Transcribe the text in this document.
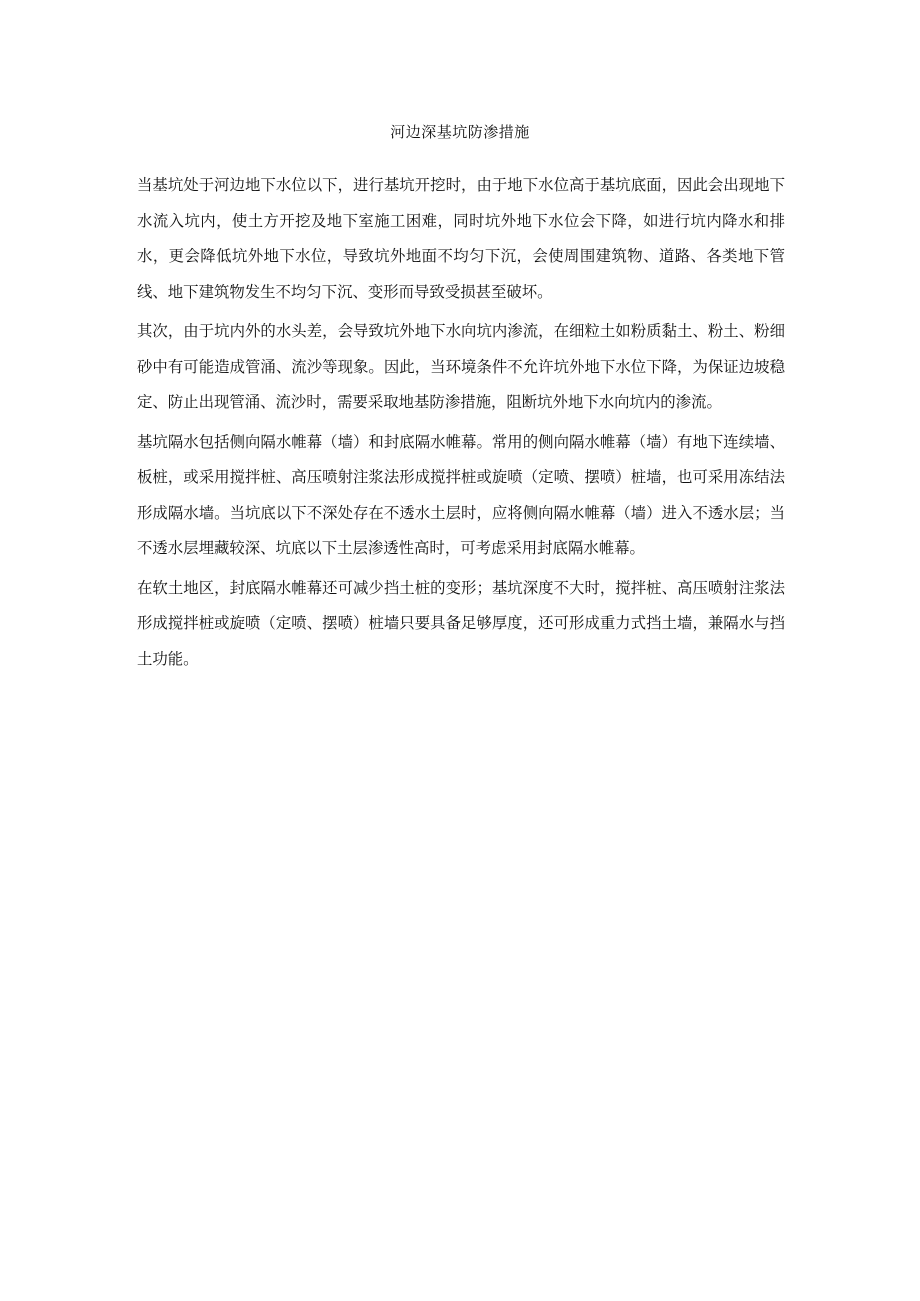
河边深基坑防渗措施

当基坑处于河边地下水位以下，进行基坑开挖时，由于地下水位高于基坑底面，因此会出现地下水流入坑内，使土方开挖及地下室施工困难，同时坑外地下水位会下降，如进行坑内降水和排水，更会降低坑外地下水位，导致坑外地面不均匀下沉，会使周围建筑物、道路、各类地下管线、地下建筑物发生不均匀下沉、变形而导致受损甚至破坏。

其次，由于坑内外的水头差，会导致坑外地下水向坑内渗流，在细粒土如粉质黏土、粉土、粉细砂中有可能造成管涌、流沙等现象。因此，当环境条件不允许坑外地下水位下降，为保证边坡稳定、防止出现管涌、流沙时，需要采取地基防渗措施，阻断坑外地下水向坑内的渗流。

基坑隔水包括侧向隔水帷幕（墙）和封底隔水帷幕。常用的侧向隔水帷幕（墙）有地下连续墙、板桩，或采用搅拌桩、高压喷射注浆法形成搅拌桩或旋喷（定喷、摆喷）桩墙，也可采用冻结法形成隔水墙。当坑底以下不深处存在不透水土层时，应将侧向隔水帷幕（墙）进入不透水层；当不透水层埋藏较深、坑底以下土层渗透性高时，可考虑采用封底隔水帷幕。

在软土地区，封底隔水帷幕还可减少挡土桩的变形；基坑深度不大时，搅拌桩、高压喷射注浆法形成搅拌桩或旋喷（定喷、摆喷）桩墙只要具备足够厚度，还可形成重力式挡土墙，兼隔水与挡土功能。
